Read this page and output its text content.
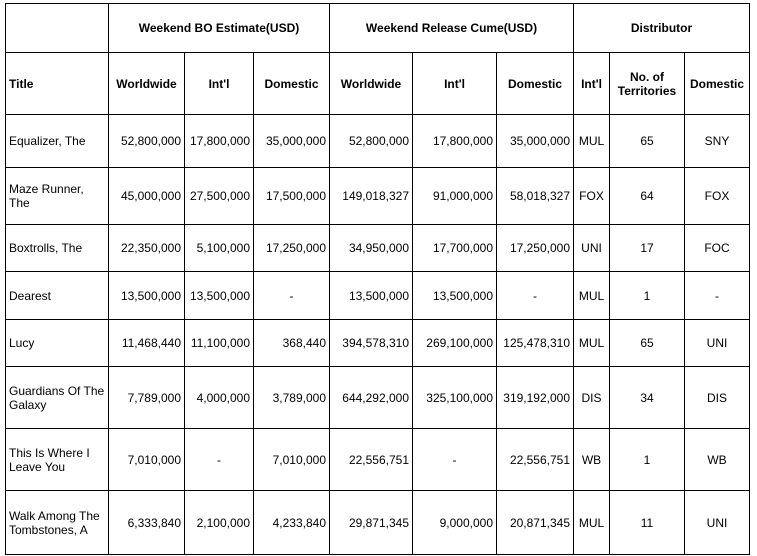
	Weekend BO Estimate(USD)			Weekend Release Cume(USD)			Distributor		
Title	Worldwide	Int'l	Domestic	Worldwide	Int'l	Domestic	Int'l	No. of Territories	Domestic
Equalizer, The	52,800,000	17,800,000	35,000,000	52,800,000	17,800,000	35,000,000	MUL	65	SNY
Maze Runner, The	45,000,000	27,500,000	17,500,000	149,018,327	91,000,000	58,018,327	FOX	64	FOX
Boxtrolls, The	22,350,000	5,100,000	17,250,000	34,950,000	17,700,000	17,250,000	UNI	17	FOC
Dearest	13,500,000	13,500,000	-	13,500,000	13,500,000	-	MUL	1	-
Lucy	11,468,440	11,100,000	368,440	394,578,310	269,100,000	125,478,310	MUL	65	UNI
Guardians Of The Galaxy	7,789,000	4,000,000	3,789,000	644,292,000	325,100,000	319,192,000	DIS	34	DIS
This Is Where I Leave You	7,010,000	-	7,010,000	22,556,751	-	22,556,751	WB	1	WB
Walk Among The Tombstones, A	6,333,840	2,100,000	4,233,840	29,871,345	9,000,000	20,871,345	MUL	11	UNI
